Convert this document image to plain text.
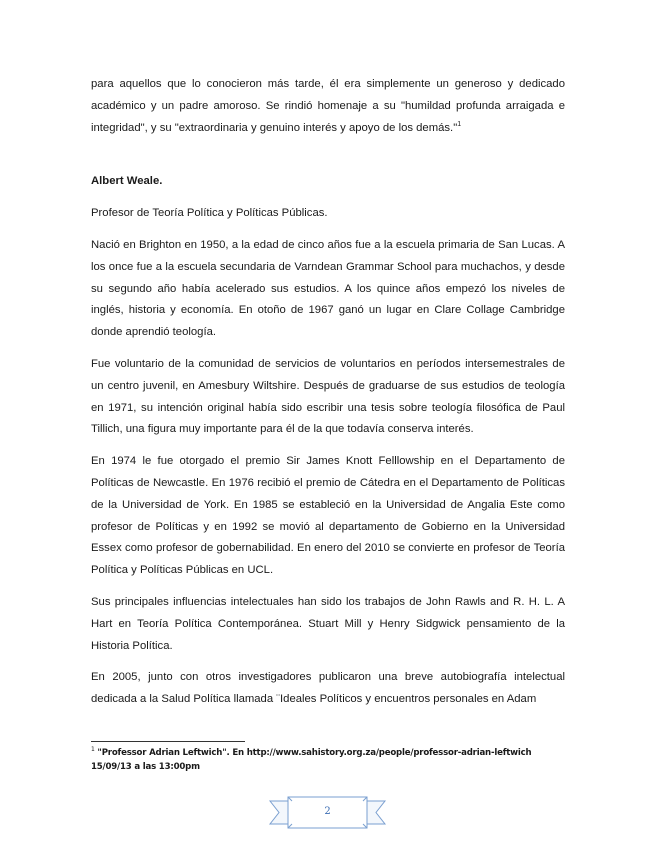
para aquellos que lo conocieron más tarde, él era simplemente un generoso y dedicado académico y un padre amoroso. Se rindió homenaje a su "humildad profunda arraigada e integridad", y su "extraordinaria y genuino interés y apoyo de los demás."$^1$

Albert Weale.

Profesor de Teoría Política y Políticas Públicas.

Nació en Brighton en 1950, a la edad de cinco años fue a la escuela primaria de San Lucas. A los once fue a la escuela secundaria de Varndean Grammar School para muchachos, y desde su segundo año había acelerado sus estudios. A los quince años empezó los niveles de inglés, historia y economía. En otoño de 1967 ganó un lugar en Clare Collage Cambridge donde aprendió teología.

Fue voluntario de la comunidad de servicios de voluntarios en períodos intersemestrales de un centro juvenil, en Amesbury Wiltshire. Después de graduarse de sus estudios de teología en 1971, su intención original había sido escribir una tesis sobre teología filosófica de Paul Tillich, una figura muy importante para él de la que todavía conserva interés.

En 1974 le fue otorgado el premio Sir James Knott Felllowship en el Departamento de Políticas de Newcastle. En 1976 recibió el premio de Cátedra en el Departamento de Políticas de la Universidad de York. En 1985 se estableció en la Universidad de Angalia Este como profesor de Políticas y en 1992 se movió al departamento de Gobierno en la Universidad Essex como profesor de gobernabilidad. En enero del 2010 se convierte en profesor de Teoría Política y Políticas Públicas en UCL.

Sus principales influencias intelectuales han sido los trabajos de John Rawls and R. H. L. A Hart en Teoría Política Contemporánea. Stuart Mill y Henry Sidgwick pensamiento de la Historia Política.

En 2005, junto con otros investigadores publicaron una breve autobiografía intelectual dedicada a la Salud Política llamada ¨Ideales Políticos y encuentros personales en Adam

$^1$ "Professor Adrian Leftwich". En http://www.sahistory.org.za/people/professor-adrian-leftwich 15/09/13 a las 13:00pm
2
